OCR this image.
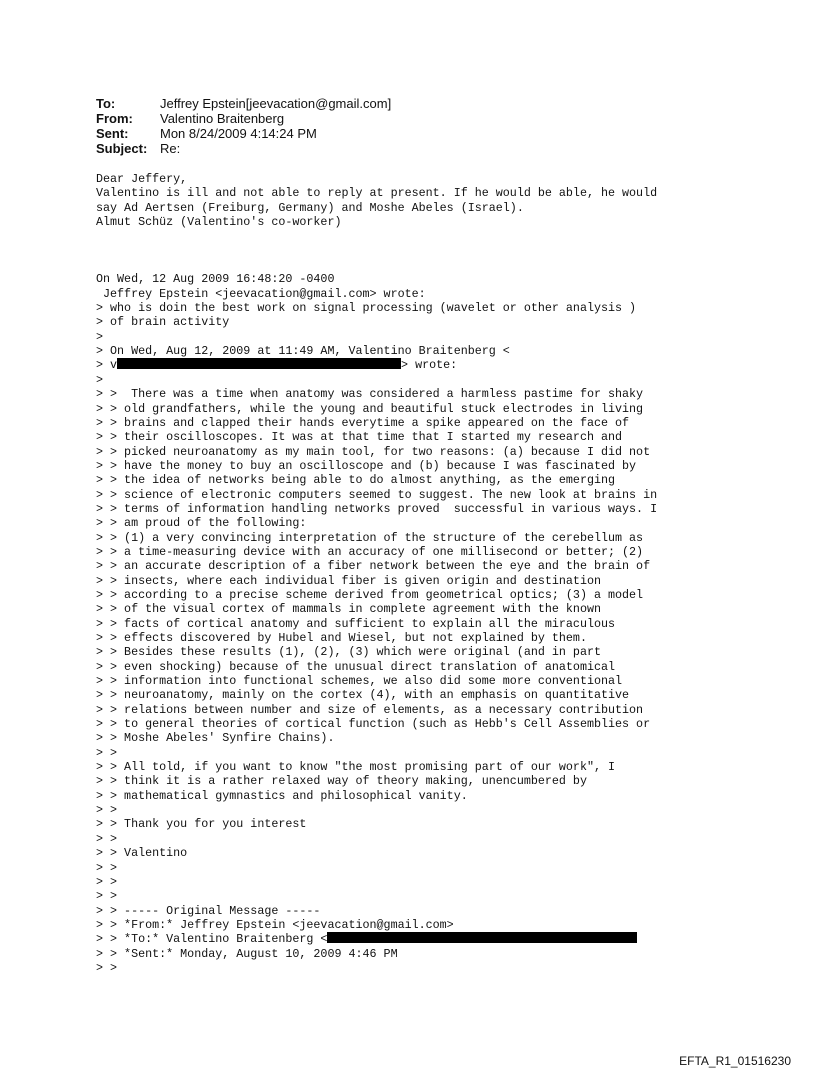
To:	Jeffrey Epstein[jeevacation@gmail.com]
From:	Valentino Braitenberg
Sent:	Mon 8/24/2009 4:14:24 PM
Subject: Re:
Dear Jeffery,
Valentino is ill and not able to reply at present. If he would be able, he would
say Ad Aertsen (Freiburg, Germany) and Moshe Abeles (Israel).
Almut Schüz (Valentino's co-worker)

On Wed, 12 Aug 2009 16:48:20 -0400
Jeffrey Epstein <jeevacation@gmail.com> wrote:
> who is doin the best work on signal processing (wavelet or other analysis )
> of brain activity
>
> On Wed, Aug 12, 2009 at 11:49 AM, Valentino Braitenberg <
> v	> wrote:
>
> >  There was a time when anatomy was considered a harmless pastime for shaky
> > old grandfathers, while the young and beautiful stuck electrodes in living
> > brains and clapped their hands everytime a spike appeared on the face of
> > their oscilloscopes. It was at that time that I started my research and
> > picked neuroanatomy as my main tool, for two reasons: (a) because I did not
> > have the money to buy an oscilloscope and (b) because I was fascinated by
> > the idea of networks being able to do almost anything, as the emerging
> > science of electronic computers seemed to suggest. The new look at brains in
> > terms of information handling networks proved  successful in various ways. I
> > am proud of the following:
> > (1) a very convincing interpretation of the structure of the cerebellum as
> > a time-measuring device with an accuracy of one millisecond or better; (2)
> > an accurate description of a fiber network between the eye and the brain of
> > insects, where each individual fiber is given origin and destination
> > according to a precise scheme derived from geometrical optics; (3) a model
> > of the visual cortex of mammals in complete agreement with the known
> > facts of cortical anatomy and sufficient to explain all the miraculous
> > effects discovered by Hubel and Wiesel, but not explained by them.
> > Besides these results (1), (2), (3) which were original (and in part
> > even shocking) because of the unusual direct translation of anatomical
> > information into functional schemes, we also did some more conventional
> > neuroanatomy, mainly on the cortex (4), with an emphasis on quantitative
> > relations between number and size of elements, as a necessary contribution
> > to general theories of cortical function (such as Hebb's Cell Assemblies or
> > Moshe Abeles' Synfire Chains).
> >
> > All told, if you want to know "the most promising part of our work", I
> > think it is a rather relaxed way of theory making, unencumbered by
> > mathematical gymnastics and philosophical vanity.
> >
> > Thank you for you interest
> >
> > Valentino
> >
> >
> >
> > ----- Original Message -----
> > *From:* Jeffrey Epstein <jeevacation@gmail.com>
> > *To:* Valentino Braitenberg <
> > *Sent:* Monday, August 10, 2009 4:46 PM
> >
EFTA_R1_01516230
